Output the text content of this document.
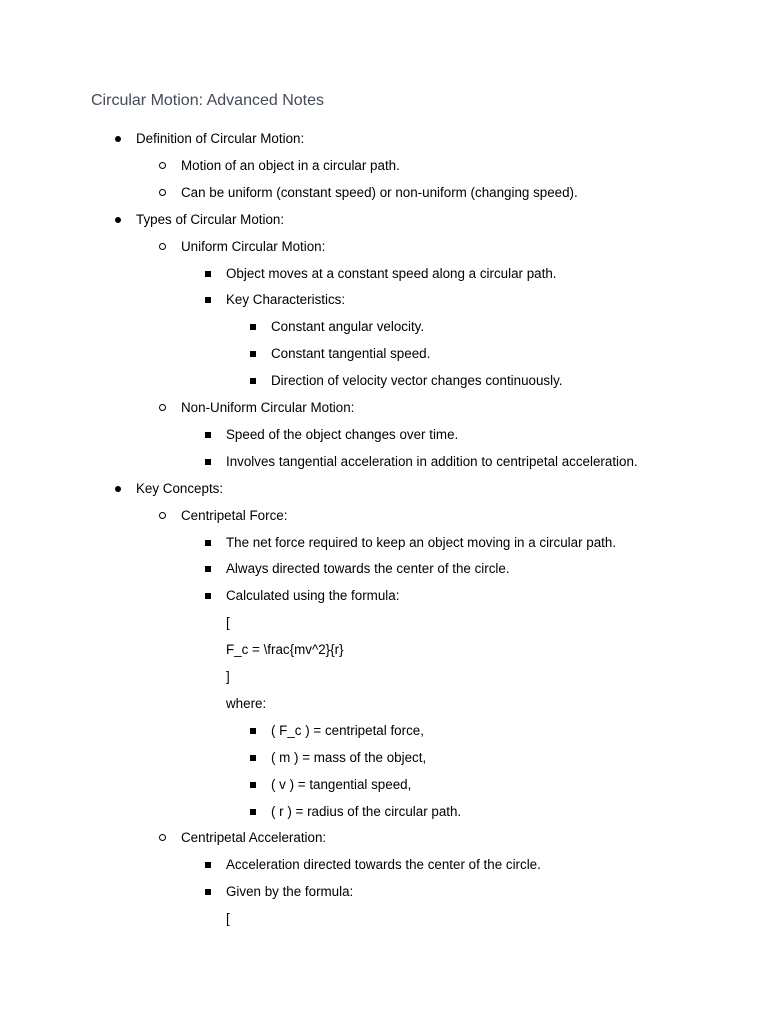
Circular Motion: Advanced Notes
Definition of Circular Motion:
Motion of an object in a circular path.
Can be uniform (constant speed) or non-uniform (changing speed).
Types of Circular Motion:
Uniform Circular Motion:
Object moves at a constant speed along a circular path.
Key Characteristics:
Constant angular velocity.
Constant tangential speed.
Direction of velocity vector changes continuously.
Non-Uniform Circular Motion:
Speed of the object changes over time.
Involves tangential acceleration in addition to centripetal acceleration.
Key Concepts:
Centripetal Force:
The net force required to keep an object moving in a circular path.
Always directed towards the center of the circle.
Calculated using the formula:
[
F_c = \frac{mv^2}{r}
]
where:
( F_c ) = centripetal force,
( m ) = mass of the object,
( v ) = tangential speed,
( r ) = radius of the circular path.
Centripetal Acceleration:
Acceleration directed towards the center of the circle.
Given by the formula:
[
